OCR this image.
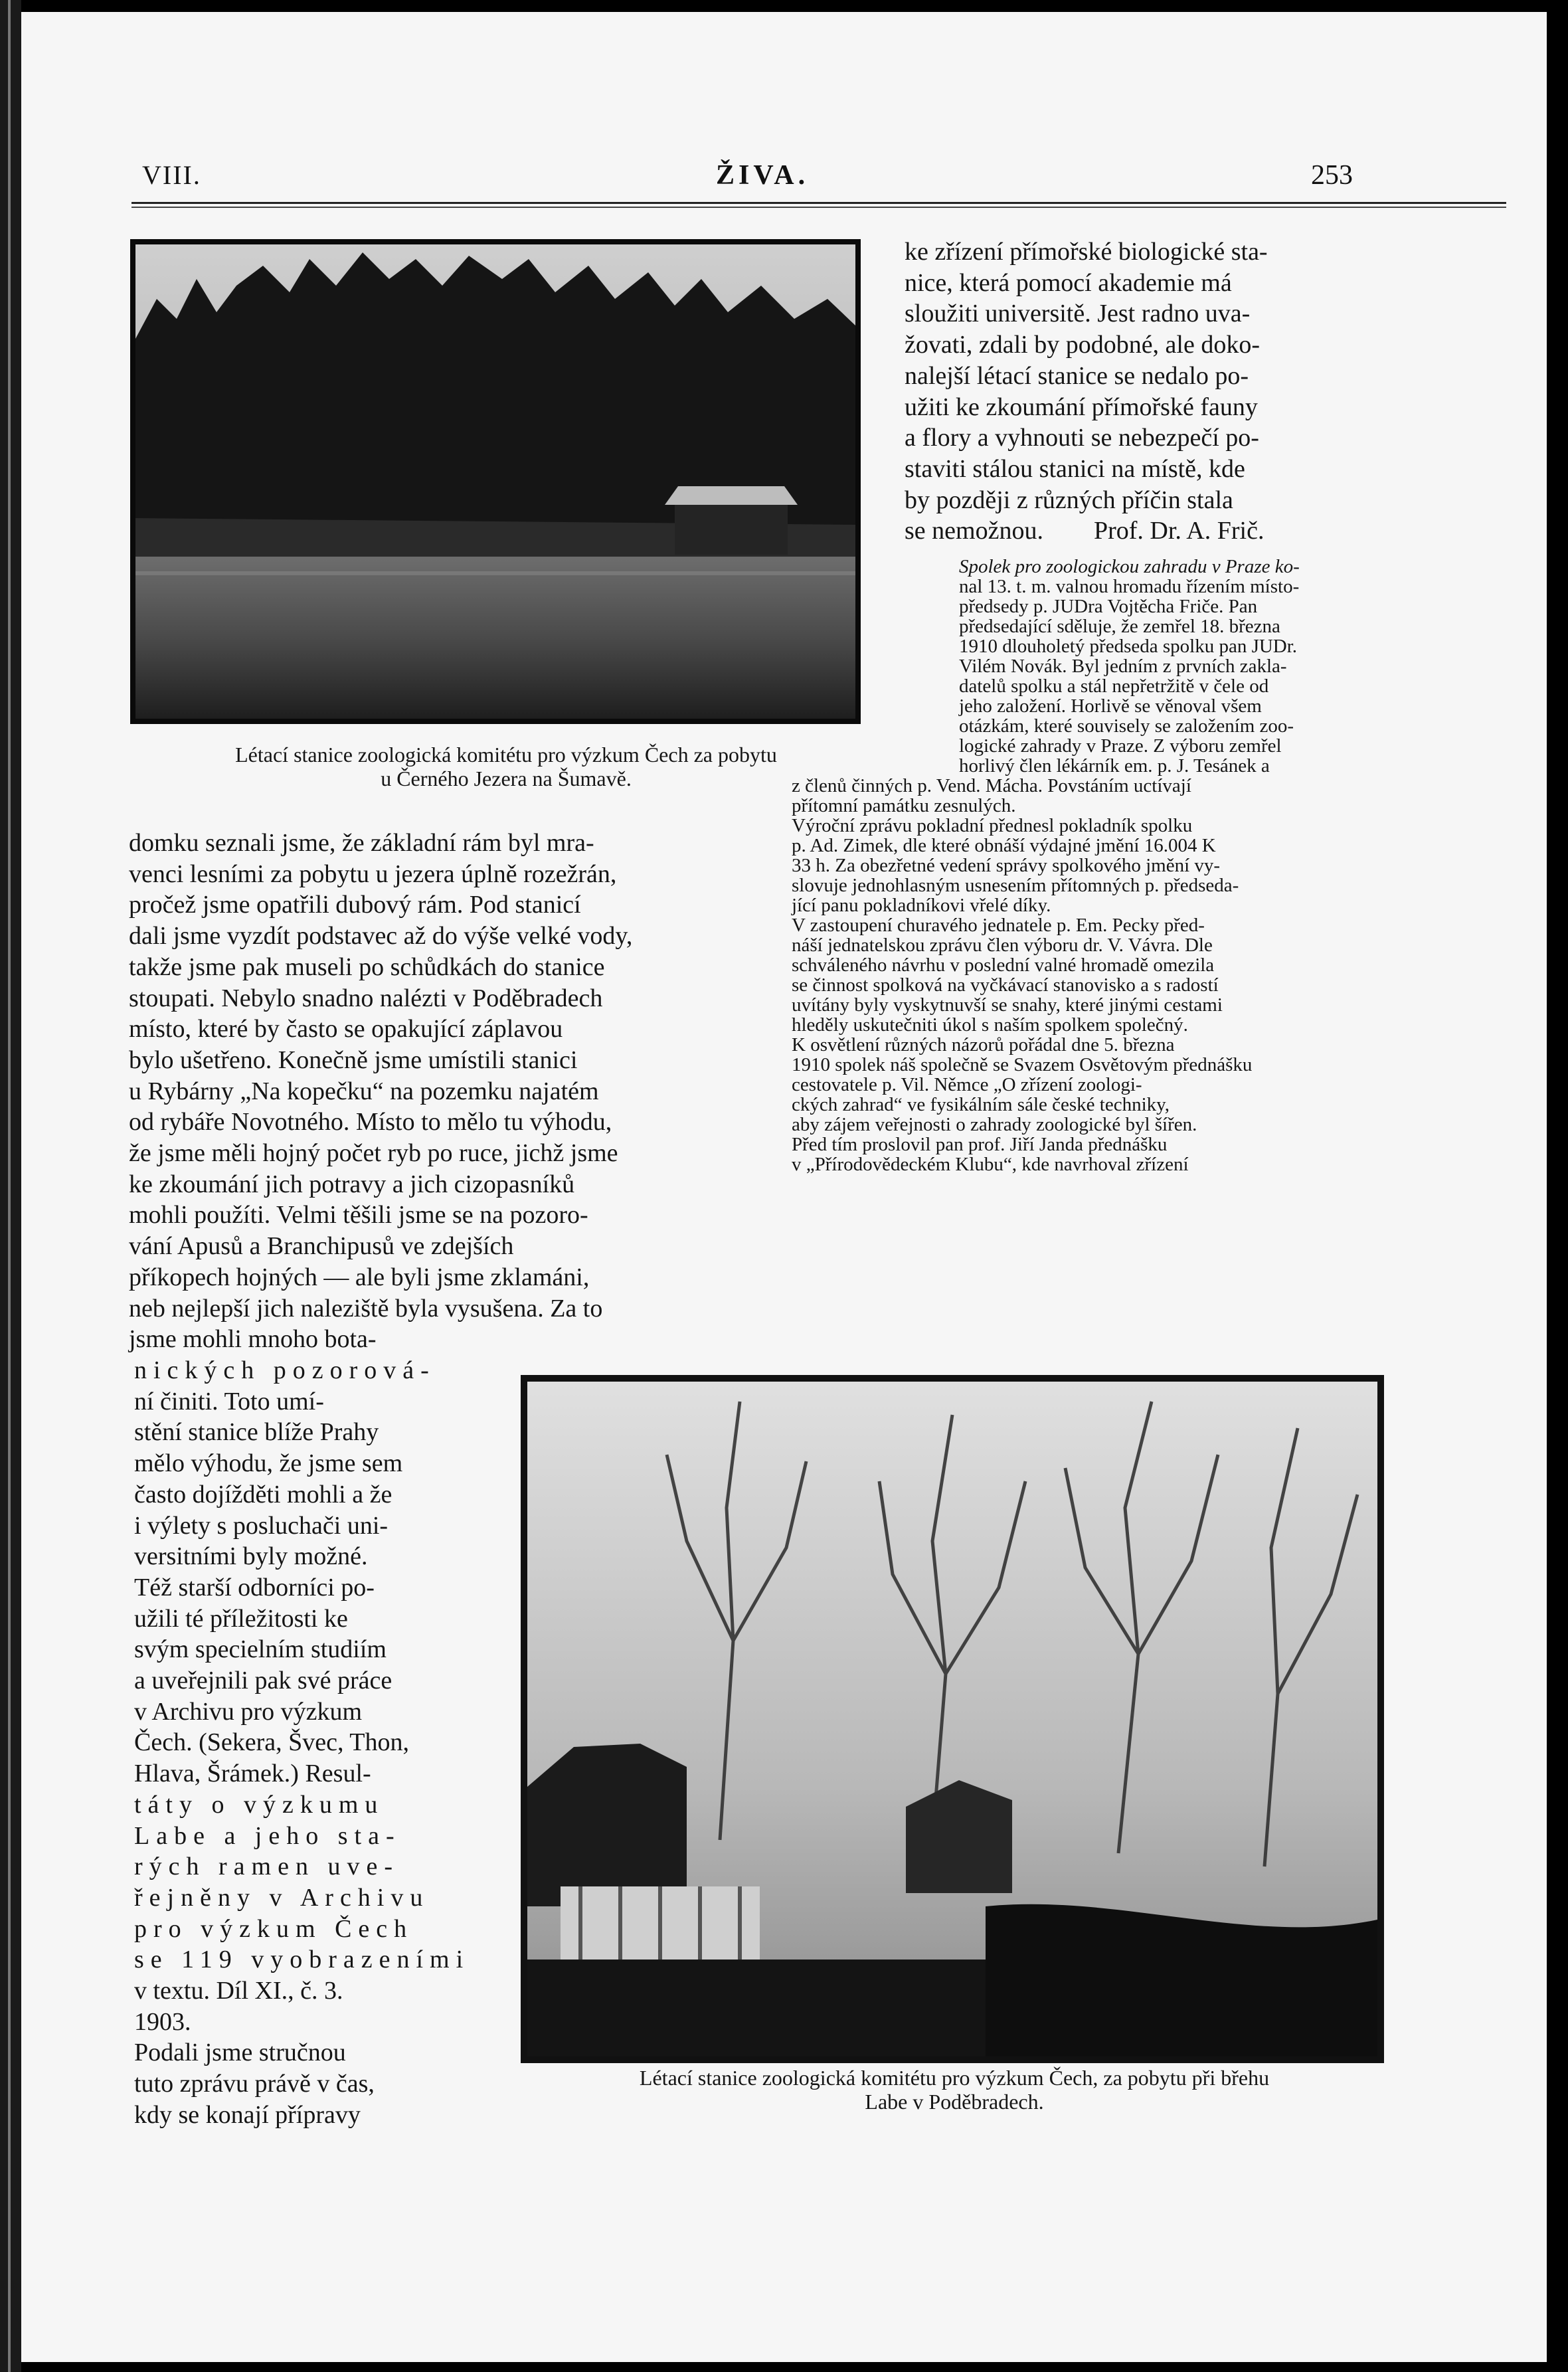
VIII.	ŽIVA.	253
Létací stanice zoologická komitétu pro výzkum Čech za pobytu
u Černého Jezera na Šumavě.
domku seznali jsme, že základní rám byl mra-
venci lesními za pobytu u jezera úplně rozežrán,
pročež jsme opatřili dubový rám. Pod stanicí
dali jsme vyzdít podstavec až do výše velké vody,
takže jsme pak museli po schůdkách do stanice
stoupati. Nebylo snadno nalézti v Poděbradech
místo, které by často se opakující záplavou
bylo ušetřeno. Konečně jsme umístili stanici
u Rybárny „Na kopečku“ na pozemku najatém
od rybáře Novotného. Místo to mělo tu výhodu,
že jsme měli hojný počet ryb po ruce, jichž jsme
ke zkoumání jich potravy a jich cizopasníků
mohli použíti. Velmi těšili jsme se na pozoro-
vání Apusů a Branchipusů ve zdejších
příkopech hojných — ale byli jsme zklamáni,
neb nejlepší jich naleziště byla vysušena. Za to
jsme mohli mnoho bota-
nických pozorová-
ní činiti. Toto umí-
stění stanice blíže Prahy
mělo výhodu, že jsme sem
často dojížděti mohli a že
i výlety s posluchači uni-
versitními byly možné.
Též starší odborníci po-
užili té příležitosti ke
svým specielním studiím
a uveřejnili pak své práce
v Archivu pro výzkum
Čech. (Sekera, Švec, Thon,
Hlava, Šrámek.) Resul-
táty o výzkumu
Labe a jeho sta-
rých ramen uve-
řejněny v Archivu
pro výzkum Čech
se 119 vyobrazeními
v textu. Díl XI., č. 3.
1903.
Podali jsme stručnou
tuto zprávu právě v čas,
kdy se konají přípravy
ke zřízení přímořské biologické sta-
nice, která pomocí akademie má
sloužiti universitě. Jest radno uva-
žovati, zdali by podobné, ale doko-
nalejší létací stanice se nedalo po-
užiti ke zkoumání přímořské fauny
a flory a vyhnouti se nebezpečí po-
staviti stálou stanici na místě, kde
by později z různých příčin stala
se nemožnou.        Prof. Dr. A. Frič.
Spolek pro zoologickou zahradu v Praze ko-
nal 13. t. m. valnou hromadu řízením místo-
předsedy p. JUDra Vojtěcha Friče. Pan
předsedající sděluje, že zemřel 18. března
1910 dlouholetý předseda spolku pan JUDr.
Vilém Novák. Byl jedním z prvních zakla-
datelů spolku a stál nepřetržitě v čele od
jeho založení. Horlivě se věnoval všem
otázkám, které souvisely se založením zoo-
logické zahrady v Praze. Z výboru zemřel
horlivý člen lékárník em. p. J. Tesánek a
z členů činných p. Vend. Mácha. Povstáním uctívají
přítomní památku zesnulých.
Výroční zprávu pokladní přednesl pokladník spolku
p. Ad. Zimek, dle které obnáší výdajné jmění 16.004 K
33 h. Za obezřetné vedení správy spolkového jmění vy-
slovuje jednohlasným usnesením přítomných p. předseda-
jící panu pokladníkovi vřelé díky.
V zastoupení churavého jednatele p. Em. Pecky před-
náší jednatelskou zprávu člen výboru dr. V. Vávra. Dle
schváleného návrhu v poslední valné hromadě omezila
se činnost spolková na vyčkávací stanovisko a s radostí
uvítány byly vyskytnuvší se snahy, které jinými cestami
hleděly uskutečniti úkol s naším spolkem společný.
K osvětlení různých názorů pořádal dne 5. března
1910 spolek náš společně se Svazem Osvětovým přednášku
cestovatele p. Vil. Němce „O zřízení zoologi-
ckých zahrad“ ve fysikálním sále české techniky,
aby zájem veřejnosti o zahrady zoologické byl šířen.
Před tím proslovil pan prof. Jiří Janda přednášku
v „Přírodovědeckém Klubu“, kde navrhoval zřízení
Létací stanice zoologická komitétu pro výzkum Čech, za pobytu při břehu
Labe v Poděbradech.
